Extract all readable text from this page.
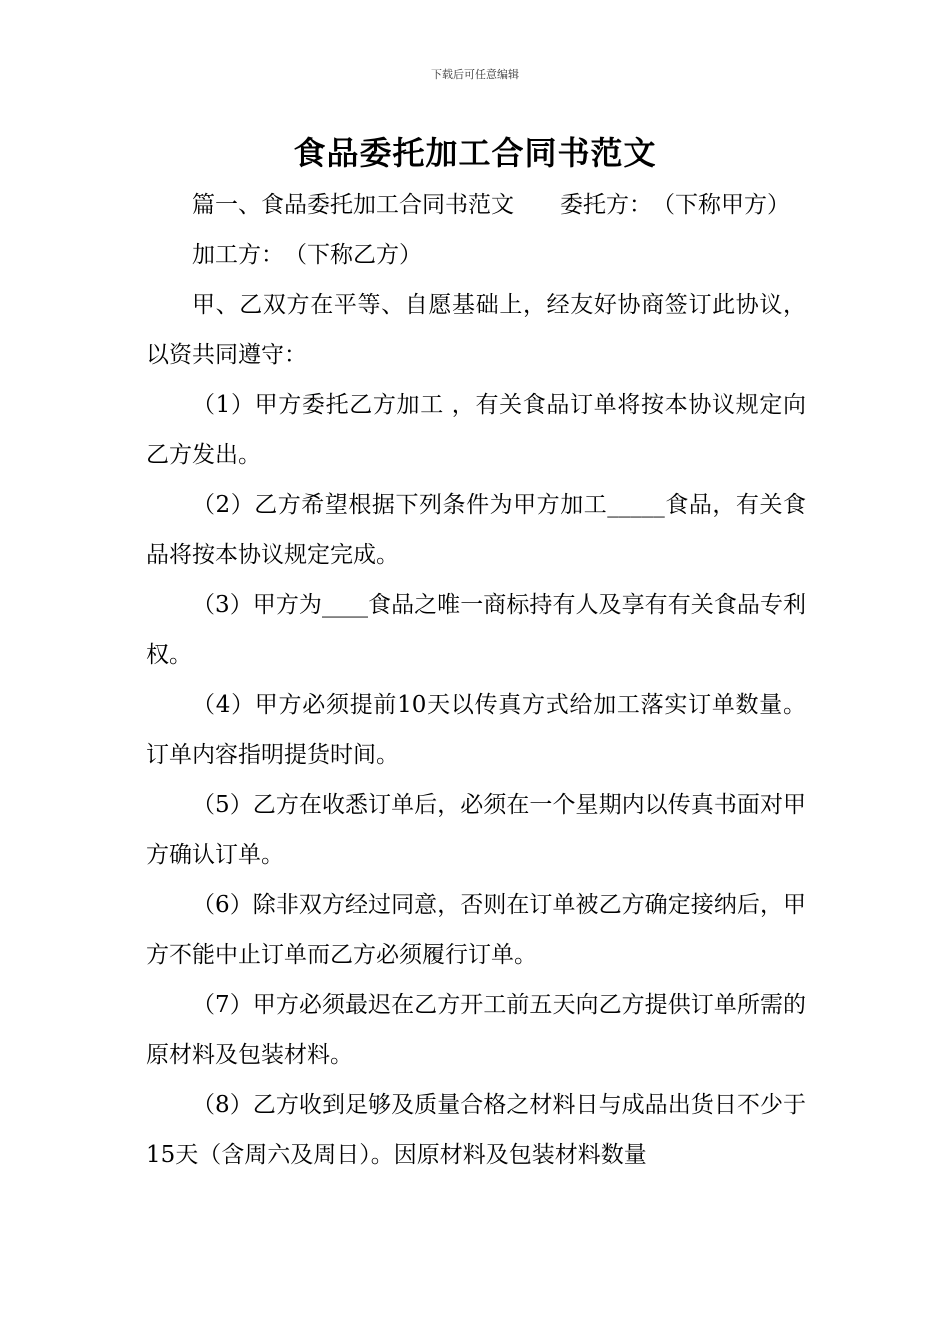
下载后可任意编辑
食品委托加工合同书范文

篇一、食品委托加工合同书范文　　委托方：　（下称甲方）

加工方：　（下称乙方）

甲、乙双方在平等、自愿基础上，经友好协商签订此协议，以资共同遵守：

（1）甲方委托乙方加工 ，有关食品订单将按本协议规定向乙方发出。

（2）乙方希望根据下列条件为甲方加工_____食品，有关食品将按本协议规定完成。

（3）甲方为____食品之唯一商标持有人及享有有关食品专利权。

（4）甲方必须提前10天以传真方式给加工落实订单数量。订单内容指明提货时间。

（5）乙方在收悉订单后，必须在一个星期内以传真书面对甲方确认订单。

（6）除非双方经过同意，否则在订单被乙方确定接纳后，甲方不能中止订单而乙方必须履行订单。

（7）甲方必须最迟在乙方开工前五天向乙方提供订单所需的原材料及包装材料。

（8）乙方收到足够及质量合格之材料日与成品出货日不少于15天（含周六及周日）。因原材料及包装材料数量
